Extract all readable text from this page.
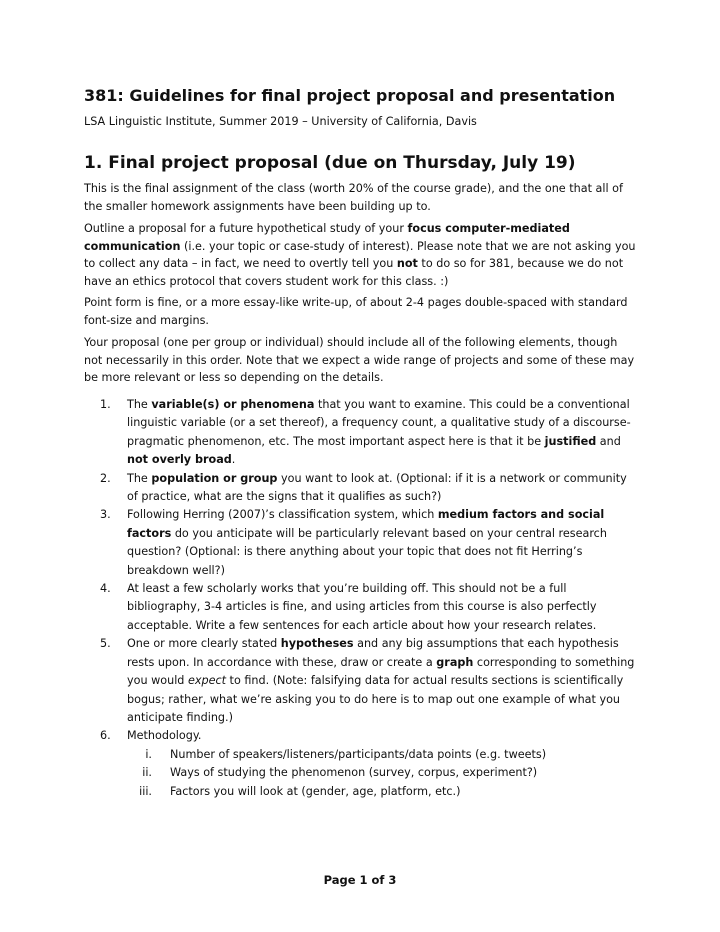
381: Guidelines for final project proposal and presentation
LSA Linguistic Institute, Summer 2019 – University of California, Davis
1. Final project proposal (due on Thursday, July 19)

This is the final assignment of the class (worth 20% of the course grade), and the one that all of the smaller homework assignments have been building up to.

Outline a proposal for a future hypothetical study of your focus computer-mediated communication (i.e. your topic or case-study of interest). Please note that we are not asking you to collect any data – in fact, we need to overtly tell you not to do so for 381, because we do not have an ethics protocol that covers student work for this class. :)

Point form is fine, or a more essay-like write-up, of about 2-4 pages double-spaced with standard font-size and margins.

Your proposal (one per group or individual) should include all of the following elements, though not necessarily in this order. Note that we expect a wide range of projects and some of these may be more relevant or less so depending on the details.

1.	The variable(s) or phenomena that you want to examine. This could be a conventional linguistic variable (or a set thereof), a frequency count, a qualitative study of a discourse-pragmatic phenomenon, etc. The most important aspect here is that it be justified and not overly broad.
2.	The population or group you want to look at. (Optional: if it is a network or community of practice, what are the signs that it qualifies as such?)
3.	Following Herring (2007)’s classification system, which medium factors and social factors do you anticipate will be particularly relevant based on your central research question? (Optional: is there anything about your topic that does not fit Herring’s breakdown well?)
4.	At least a few scholarly works that you’re building off. This should not be a full bibliography, 3-4 articles is fine, and using articles from this course is also perfectly acceptable. Write a few sentences for each article about how your research relates.
5.	One or more clearly stated hypotheses and any big assumptions that each hypothesis rests upon. In accordance with these, draw or create a graph corresponding to something you would expect to find. (Note: falsifying data for actual results sections is scientifically bogus; rather, what we’re asking you to do here is to map out one example of what you anticipate finding.)
6.	Methodology.
i. Number of speakers/listeners/participants/data points (e.g. tweets)
ii. Ways of studying the phenomenon (survey, corpus, experiment?)
iii. Factors you will look at (gender, age, platform, etc.)
Page 1 of 3
